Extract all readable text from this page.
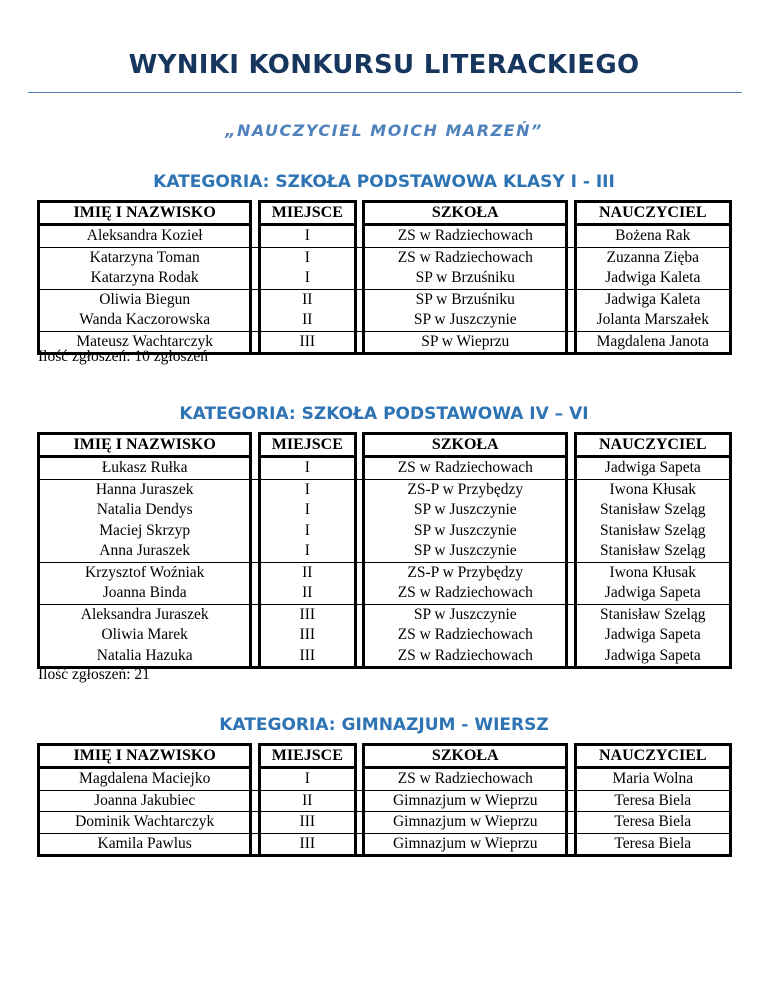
WYNIKI KONKURSU LITERACKIEGO
„NAUCZYCIEL MOICH MARZEŃ”
KATEGORIA: SZKOŁA PODSTAWOWA KLASY I - III
IMIĘ I NAZWISKO		MIEJSCE		SZKOŁA		NAUCZYCIEL
Aleksandra Kozieł		I		ZS w Radziechowach		Bożena Rak
Katarzyna Toman		I		ZS w Radziechowach		Zuzanna Zięba
Katarzyna Rodak		I		SP w Brzuśniku		Jadwiga Kaleta
Oliwia Biegun		II		SP w Brzuśniku		Jadwiga Kaleta
Wanda Kaczorowska		II		SP w Juszczynie		Jolanta Marszałek
Mateusz Wachtarczyk		III		SP w Wieprzu		Magdalena Janota
Ilość zgłoszeń: 10 zgłoszeń
KATEGORIA: SZKOŁA PODSTAWOWA IV – VI
IMIĘ I NAZWISKO		MIEJSCE		SZKOŁA		NAUCZYCIEL
Łukasz Rułka		I		ZS w Radziechowach		Jadwiga Sapeta
Hanna Juraszek		I		ZS-P w Przybędzy		Iwona Kłusak
Natalia Dendys		I		SP w Juszczynie		Stanisław Szeląg
Maciej Skrzyp		I		SP w Juszczynie		Stanisław Szeląg
Anna Juraszek		I		SP w Juszczynie		Stanisław Szeląg
Krzysztof Woźniak		II		ZS-P w Przybędzy		Iwona Kłusak
Joanna Binda		II		ZS w Radziechowach		Jadwiga Sapeta
Aleksandra Juraszek		III		SP w Juszczynie		Stanisław Szeląg
Oliwia Marek		III		ZS w Radziechowach		Jadwiga Sapeta
Natalia Hazuka		III		ZS w Radziechowach		Jadwiga Sapeta
Ilość zgłoszeń: 21
KATEGORIA: GIMNAZJUM - WIERSZ
IMIĘ I NAZWISKO		MIEJSCE		SZKOŁA		NAUCZYCIEL
Magdalena Maciejko		I		ZS w Radziechowach		Maria Wolna
Joanna Jakubiec		II		Gimnazjum w Wieprzu		Teresa Biela
Dominik Wachtarczyk		III		Gimnazjum w Wieprzu		Teresa Biela
Kamila Pawlus		III		Gimnazjum w Wieprzu		Teresa Biela
